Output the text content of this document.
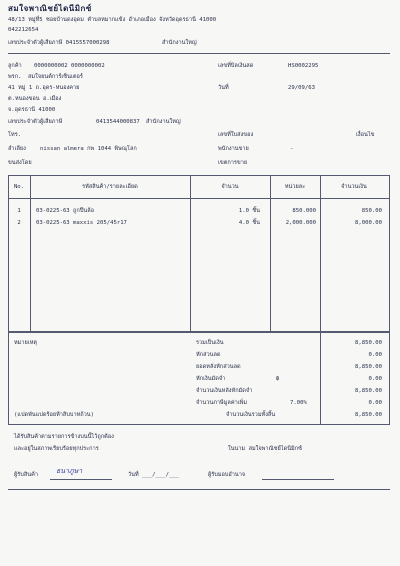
สมใจพาณิชย์ไดนีมิกซ์
48/13 หมู่ที่5 ซอยบ้านดงอุดม ตำบลหมากแข้ง อำเภอเมือง จังหวัดอุดรธานี 41000
042212654
เลขประจำตัวผู้เสียภาษี 0415557000298	สำนักงานใหญ่
ลูกค้า 0000000002 0000000002	เลขที่บิลเงินสด	HS0002295
พรก. สมใจยนต์การ์เซ็นเตอร์
41 หมู่ 1 ถ.อุดร-หนองคาย	วันที่	29/09/63
ต.หนองขอน อ.เมือง
จ.อุดรธานี 41000
เลขประจำตัวผู้เสียภาษี	0413544000837 สำนักงานใหญ่
โทร.	เลขที่ใบส่งของ	เงื่อนไข
ลำเลียง	nissan almera กพ 1044 พิษณุโลก	พนักงานขาย	-
ขนส่งโดย	เขตการขาย
No.	รหัสสินค้า/รายละเอียด	จำนวน	หน่วยละ	จำนวนเงิน
1	03-0225-63 ถูกปืนล้อ	1.0 ชิ้น	850.000	850.00
2	03-0225-63 maxxis 205/45r17	4.0 ชิ้น	2,000.000	8,000.00
หมายเหตุ	รวมเป็นเงิน	8,850.00
หักส่วนลด	0.00
ยอดหลังหักส่วนลด	8,850.00
หักเงินมัดจำ	฿	0.00
จำนวนเงินหลังหักมัดจำ	8,850.00
จำนวนภาษีมูลค่าเพิ่ม	7.00%	0.00
(แปดพันแปดร้อยห้าสิบบาทถ้วน)	จำนวนเงินรวมทั้งสิ้น	8,850.00
ได้รับสินค้าตามรายการข้างบนนี้ไว้ถูกต้อง
และอยู่ในสภาพเรียบร้อยทุกประการ	ในนาม สมใจพาณิชย์ไดนีมิกซ์
ผู้รับสินค้า	ธนาภูษา	วันที่ ___/___/___	ผู้รับมอบอำนาจ
